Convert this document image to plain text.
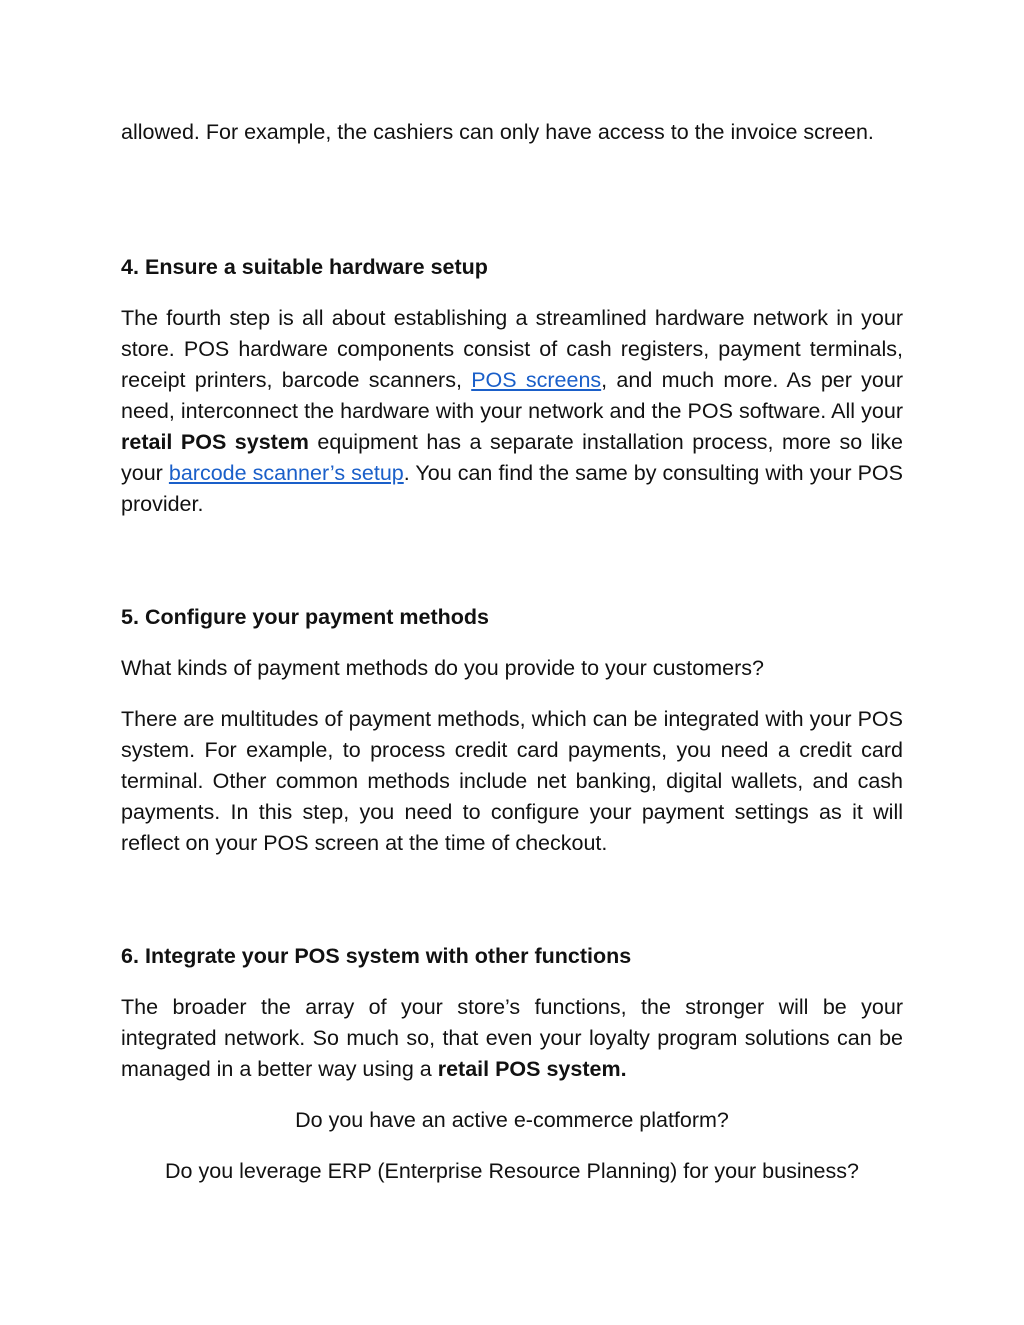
allowed. For example, the cashiers can only have access to the invoice screen.

4. Ensure a suitable hardware setup

The fourth step is all about establishing a streamlined hardware network in your store. POS hardware components consist of cash registers, payment terminals, receipt printers, barcode scanners, POS screens, and much more. As per your need, interconnect the hardware with your network and the POS software. All your retail POS system equipment has a separate installation process, more so like your barcode scanner’s setup. You can find the same by consulting with your POS provider.

5. Configure your payment methods

What kinds of payment methods do you provide to your customers?

There are multitudes of payment methods, which can be integrated with your POS system. For example, to process credit card payments, you need a credit card terminal. Other common methods include net banking, digital wallets, and cash payments. In this step, you need to configure your payment settings as it will reflect on your POS screen at the time of checkout.

6. Integrate your POS system with other functions

The broader the array of your store’s functions, the stronger will be your integrated network. So much so, that even your loyalty program solutions can be managed in a better way using a retail POS system.

Do you have an active e-commerce platform?

Do you leverage ERP (Enterprise Resource Planning) for your business?
